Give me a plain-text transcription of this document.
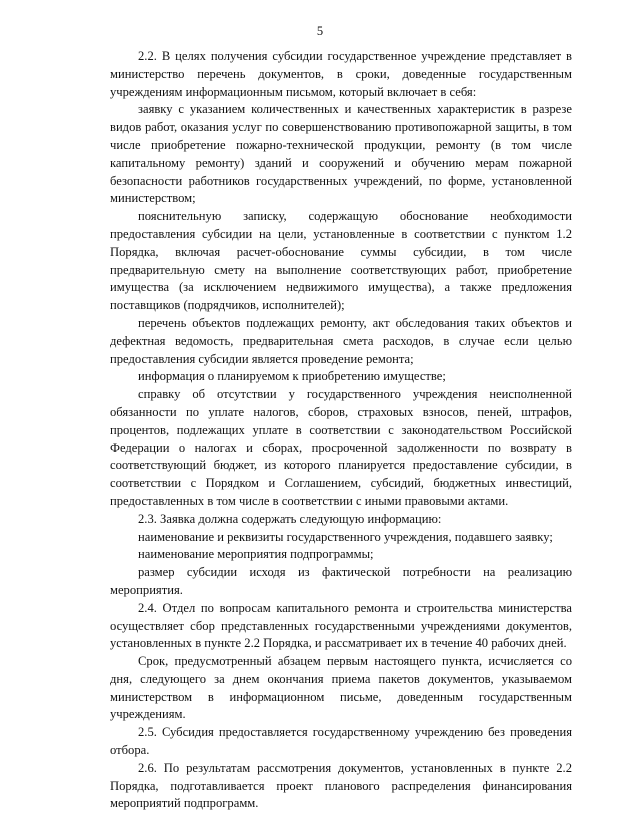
5

2.2. В целях получения субсидии государственное учреждение представляет в министерство перечень документов, в сроки, доведенные государственным учреждениям информационным письмом, который включает в себя:

заявку с указанием количественных и качественных характеристик в разрезе видов работ, оказания услуг по совершенствованию противопожарной защиты, в том числе приобретение пожарно-технической продукции, ремонту (в том числе капитальному ремонту) зданий и сооружений и обучению мерам пожарной безопасности работников государственных учреждений, по форме, установленной министерством;

пояснительную записку, содержащую обоснование необходимости предоставления субсидии на цели, установленные в соответствии с пунктом 1.2 Порядка, включая расчет-обоснование суммы субсидии, в том числе предварительную смету на выполнение соответствующих работ, приобретение имущества (за исключением недвижимого имущества), а также предложения поставщиков (подрядчиков, исполнителей);

перечень объектов подлежащих ремонту, акт обследования таких объектов и дефектная ведомость, предварительная смета расходов, в случае если целью предоставления субсидии является проведение ремонта;

информация о планируемом к приобретению имуществе;

справку об отсутствии у государственного учреждения неисполненной обязанности по уплате налогов, сборов, страховых взносов, пеней, штрафов, процентов, подлежащих уплате в соответствии с законодательством Российской Федерации о налогах и сборах, просроченной задолженности по возврату в соответствующий бюджет, из которого планируется предоставление субсидии, в соответствии с Порядком и Соглашением, субсидий, бюджетных инвестиций, предоставленных в том числе в соответствии с иными правовыми актами.

2.3. Заявка должна содержать следующую информацию:

наименование и реквизиты государственного учреждения, подавшего заявку;

наименование мероприятия подпрограммы;

размер субсидии исходя из фактической потребности на реализацию мероприятия.

2.4. Отдел по вопросам капитального ремонта и строительства министерства осуществляет сбор представленных государственными учреждениями документов, установленных в пункте 2.2 Порядка, и рассматривает их в течение 40 рабочих дней.

Срок, предусмотренный абзацем первым настоящего пункта, исчисляется со дня, следующего за днем окончания приема пакетов документов, указываемом министерством в информационном письме, доведенным государственным учреждениям.

2.5. Субсидия предоставляется государственному учреждению без проведения отбора.

2.6. По результатам рассмотрения документов, установленных в пункте 2.2 Порядка, подготавливается проект планового распределения финансирования мероприятий подпрограмм.
